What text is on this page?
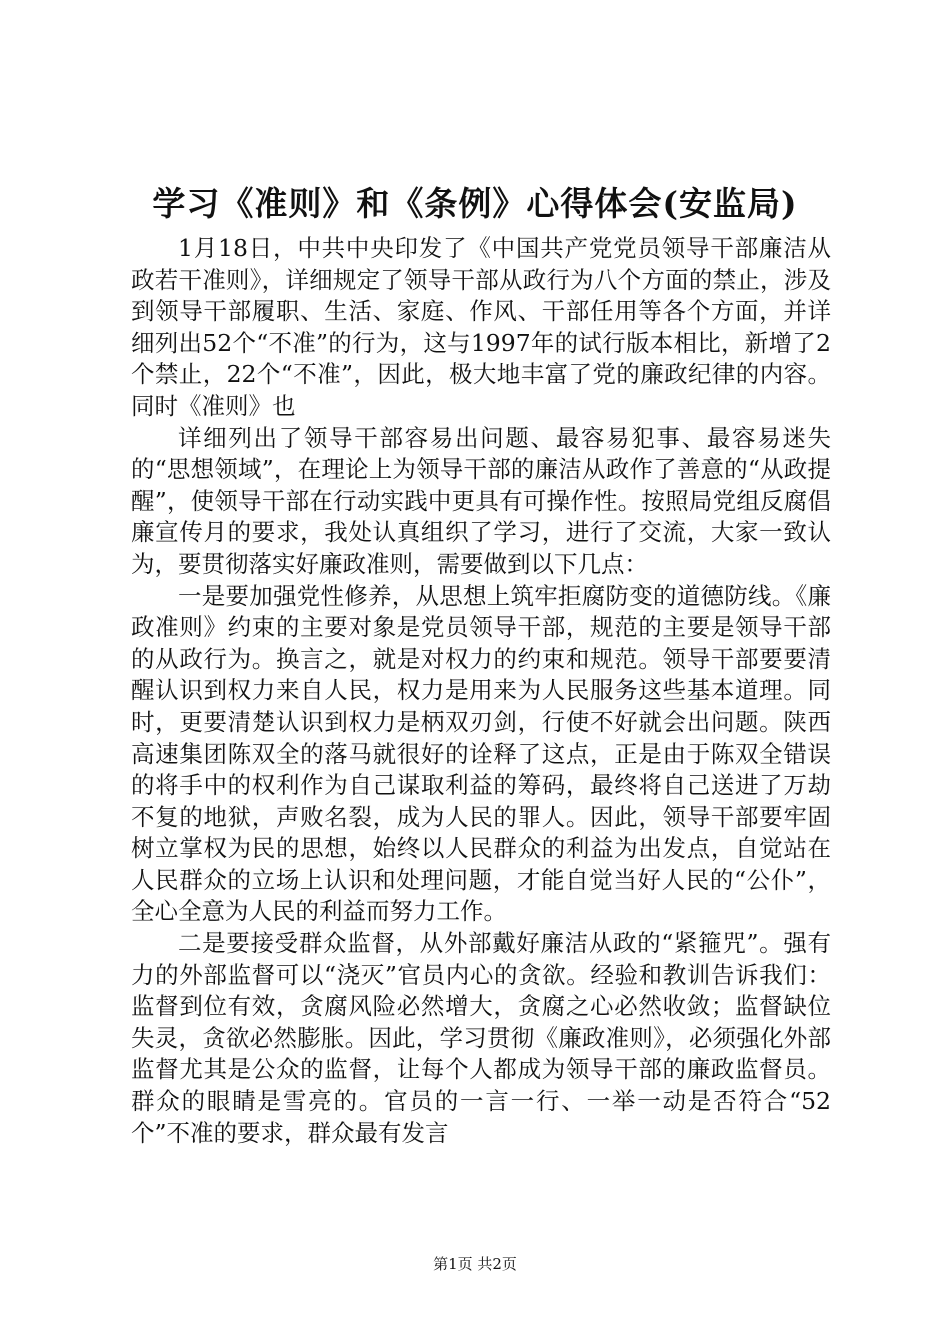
学习《准则》和《条例》心得体会(安监局)

1月18日，中共中央印发了《中国共产党党员领导干部廉洁从政若干准则》，详细规定了领导干部从政行为八个方面的禁止，涉及到领导干部履职、生活、家庭、作风、干部任用等各个方面，并详细列出52个“不准”的行为，这与1997年的试行版本相比，新增了2个禁止，22个“不准”，因此，极大地丰富了党的廉政纪律的内容。同时《准则》也

详细列出了领导干部容易出问题、最容易犯事、最容易迷失的“思想领域”，在理论上为领导干部的廉洁从政作了善意的“从政提醒”，使领导干部在行动实践中更具有可操作性。按照局党组反腐倡廉宣传月的要求，我处认真组织了学习，进行了交流，大家一致认为，要贯彻落实好廉政准则，需要做到以下几点：

一是要加强党性修养，从思想上筑牢拒腐防变的道德防线。《廉政准则》约束的主要对象是党员领导干部，规范的主要是领导干部的从政行为。换言之，就是对权力的约束和规范。领导干部要要清醒认识到权力来自人民，权力是用来为人民服务这些基本道理。同时，更要清楚认识到权力是柄双刃剑，行使不好就会出问题。陕西高速集团陈双全的落马就很好的诠释了这点，正是由于陈双全错误的将手中的权利作为自己谋取利益的筹码，最终将自己送进了万劫不复的地狱，声败名裂，成为人民的罪人。因此，领导干部要牢固树立掌权为民的思想，始终以人民群众的利益为出发点，自觉站在人民群众的立场上认识和处理问题，才能自觉当好人民的“公仆”，全心全意为人民的利益而努力工作。

二是要接受群众监督，从外部戴好廉洁从政的“紧箍咒”。强有力的外部监督可以“浇灭”官员内心的贪欲。经验和教训告诉我们：监督到位有效，贪腐风险必然增大，贪腐之心必然收敛；监督缺位失灵，贪欲必然膨胀。因此，学习贯彻《廉政准则》，必须强化外部监督尤其是公众的监督，让每个人都成为领导干部的廉政监督员。群众的眼睛是雪亮的。官员的一言一行、一举一动是否符合“52个”不准的要求，群众最有发言

第1页 共2页
